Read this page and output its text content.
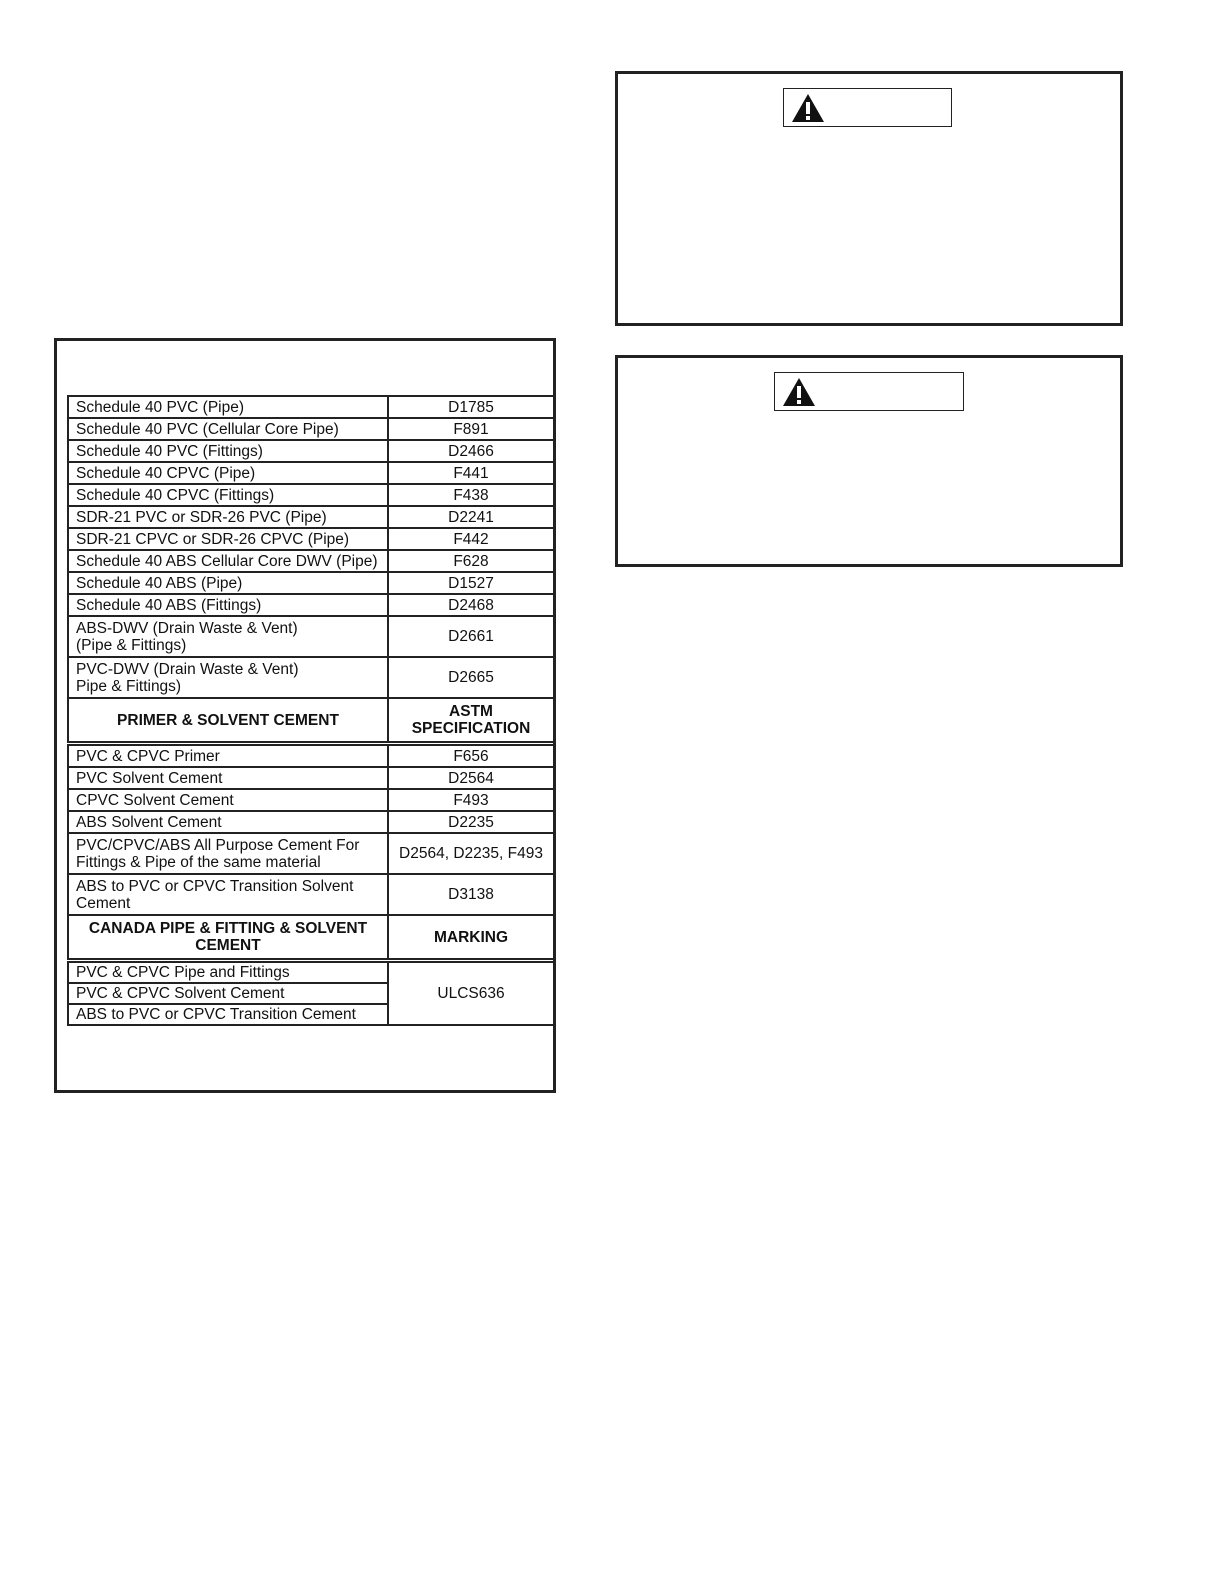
Schedule 40 PVC (Pipe)	D1785
Schedule 40 PVC (Cellular Core Pipe)	F891
Schedule 40 PVC (Fittings)	D2466
Schedule 40 CPVC (Pipe)	F441
Schedule 40 CPVC (Fittings)	F438
SDR-21 PVC or SDR-26 PVC (Pipe)	D2241
SDR-21 CPVC or SDR-26 CPVC (Pipe)	F442
Schedule 40 ABS Cellular Core DWV (Pipe)	F628
Schedule 40 ABS (Pipe)	D1527
Schedule 40 ABS (Fittings)	D2468

ABS-DWV (Drain Waste & Vent)
(Pipe & Fittings)	D2661

PVC-DWV (Drain Waste & Vent)
Pipe & Fittings)	D2665
PRIMER & SOLVENT CEMENT	ASTM
SPECIFICATION

PVC & CPVC Primer	F656
PVC Solvent Cement	D2564
CPVC Solvent Cement	F493
ABS Solvent Cement	D2235

PVC/CPVC/ABS All Purpose Cement For
Fittings & Pipe of the same material	D2564, D2235, F493

ABS to PVC or CPVC Transition Solvent
Cement	D3138

CANADA PIPE & FITTING & SOLVENT
CEMENT	MARKING
PVC & CPVC Pipe and Fittings	ULCS636
PVC & CPVC Solvent Cement	
ABS to PVC or CPVC Transition Cement	
